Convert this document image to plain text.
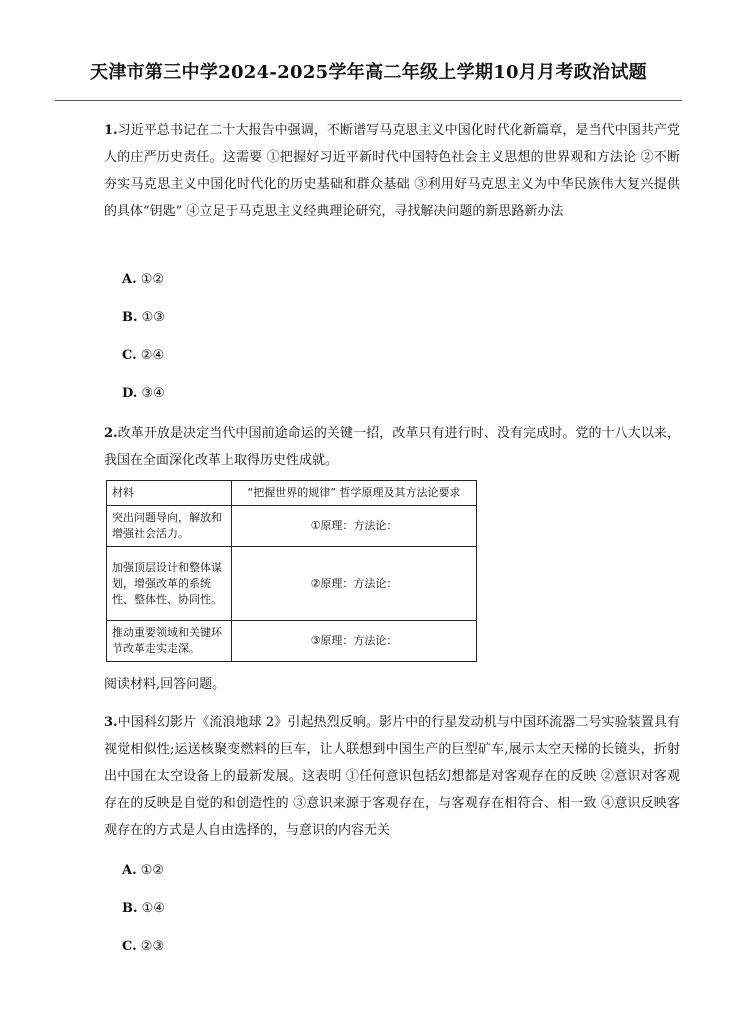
天津市第三中学2024-2025学年高二年级上学期10月月考政治试题
1.习近平总书记在二十大报告中强调，不断谱写马克思主义中国化时代化新篇章，是当代中国共产党人的庄严历史责任。这需要 ①把握好习近平新时代中国特色社会主义思想的世界观和方法论 ②不断夯实马克思主义中国化时代化的历史基础和群众基础 ③利用好马克思主义为中华民族伟大复兴提供的具体“钥匙” ④立足于马克思主义经典理论研究，寻找解决问题的新思路新办法
A. ①②
B. ①③
C. ②④
D. ③④
2.改革开放是决定当代中国前途命运的关键一招，改革只有进行时、没有完成时。党的十八大以来，我国在全面深化改革上取得历史性成就。
材料	“把握世界的规律” 哲学原理及其方法论要求
突出问题导向，解放和增强社会活力。	①原理：方法论：
加强顶层设计和整体谋划，增强改革的系统性、整体性、协同性。	②原理：方法论：
推动重要领域和关键环节改革走实走深。	③原理：方法论：
阅读材料,回答问题。
3.中国科幻影片《流浪地球 2》引起热烈反响。影片中的行星发动机与中国环流器二号实验装置具有视觉相似性;运送核聚变燃料的巨车，让人联想到中国生产的巨型矿车,展示太空天梯的长镜头，折射出中国在太空设备上的最新发展。这表明 ①任何意识包括幻想都是对客观存在的反映 ②意识对客观存在的反映是自觉的和创造性的 ③意识来源于客观存在，与客观存在相符合、相一致 ④意识反映客观存在的方式是人自由选择的，与意识的内容无关
A. ①②
B. ①④
C. ②③
